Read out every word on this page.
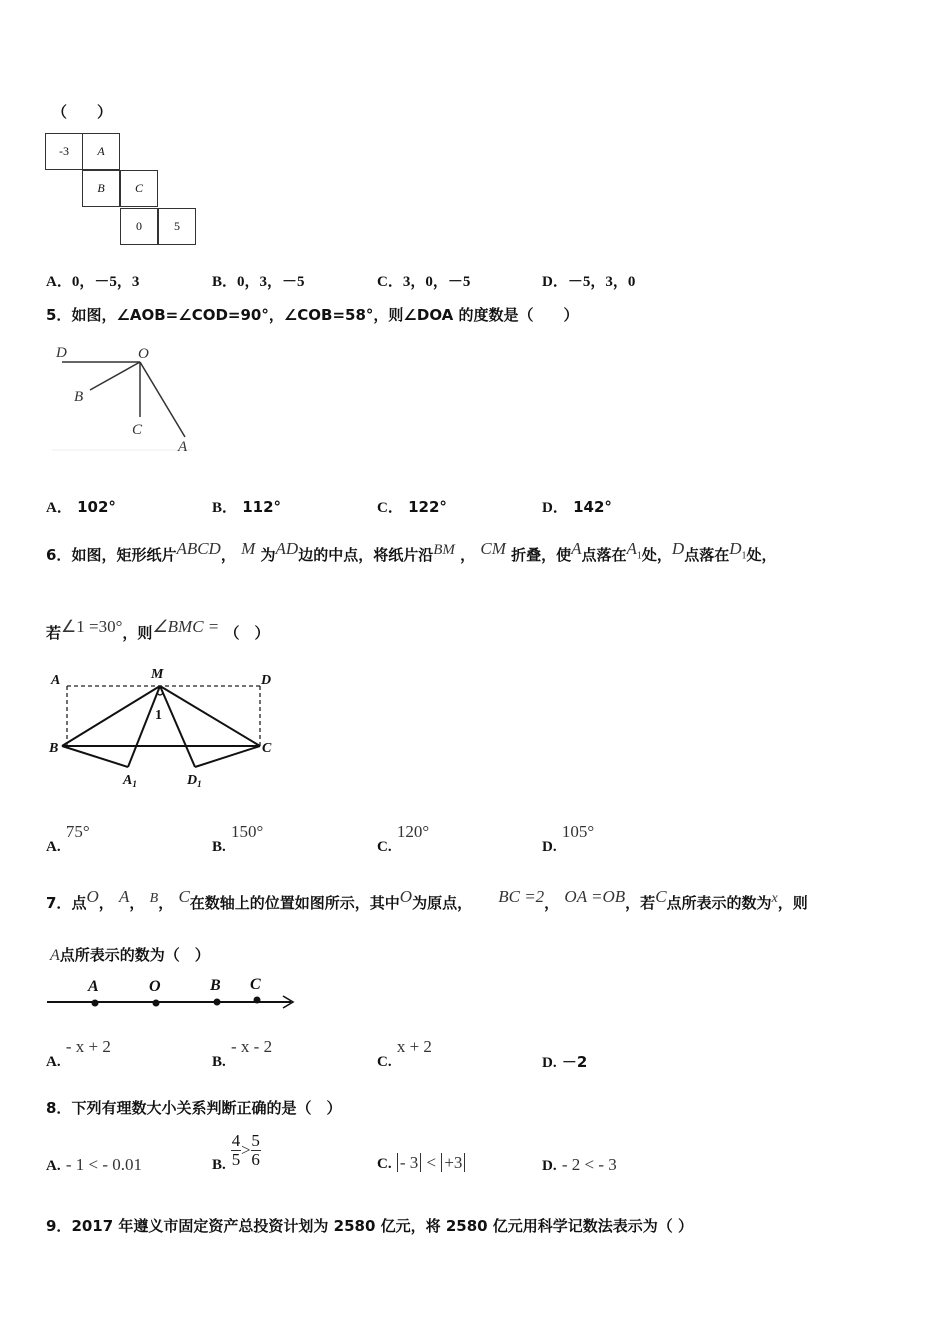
（　　）
-3	A
B	C
0	5
A．0，－5，3	B．0，3，－5	C．3，0，－5	D．－5，3，0
5．如图，∠AOB=∠COD=90°，∠COB=58°，则∠DOA 的度数是（　　）
D	O
B
C
A
A． 102°	B． 112°	C． 122°	D． 142°
6．如图，矩形纸片$^{ABCD}$， $^M$ 为$^{AD}$边的中点，将纸片沿$^{BM}$ ， $^{CM}$ 折叠，使$^A$点落在$^{A_1}$处，$^D$点落在$^{D_1}$处，
若$^{\angle 1 =30^\circ}$，则$^{\angle BMC =}$ （　）
A	M	D
1
B	C
$A_1$	$D_1$
A. 75°
B. 150°
C. 120°
D. 105°
7．点$^O$， $^A$， $^B$， $^C$在数轴上的位置如图所示，其中$^O$为原点， $^{BC =2}$， $^{OA =OB}$，若$^C$点所表示的数为$^x$，则
A点所表示的数为（　）
A	O	B C
A. - x + 2
B. - x - 2
C. x + 2
D. －2
8．下列有理数大小关系判断正确的是（　）
A. - 1 < - 0.01	B. $\frac{4}{5} > \frac{5}{6}$	C. - 3 < +3	D. - 2 < - 3
9．2017 年遵义市固定资产总投资计划为 2580 亿元，将 2580 亿元用科学记数法表示为（ ）
